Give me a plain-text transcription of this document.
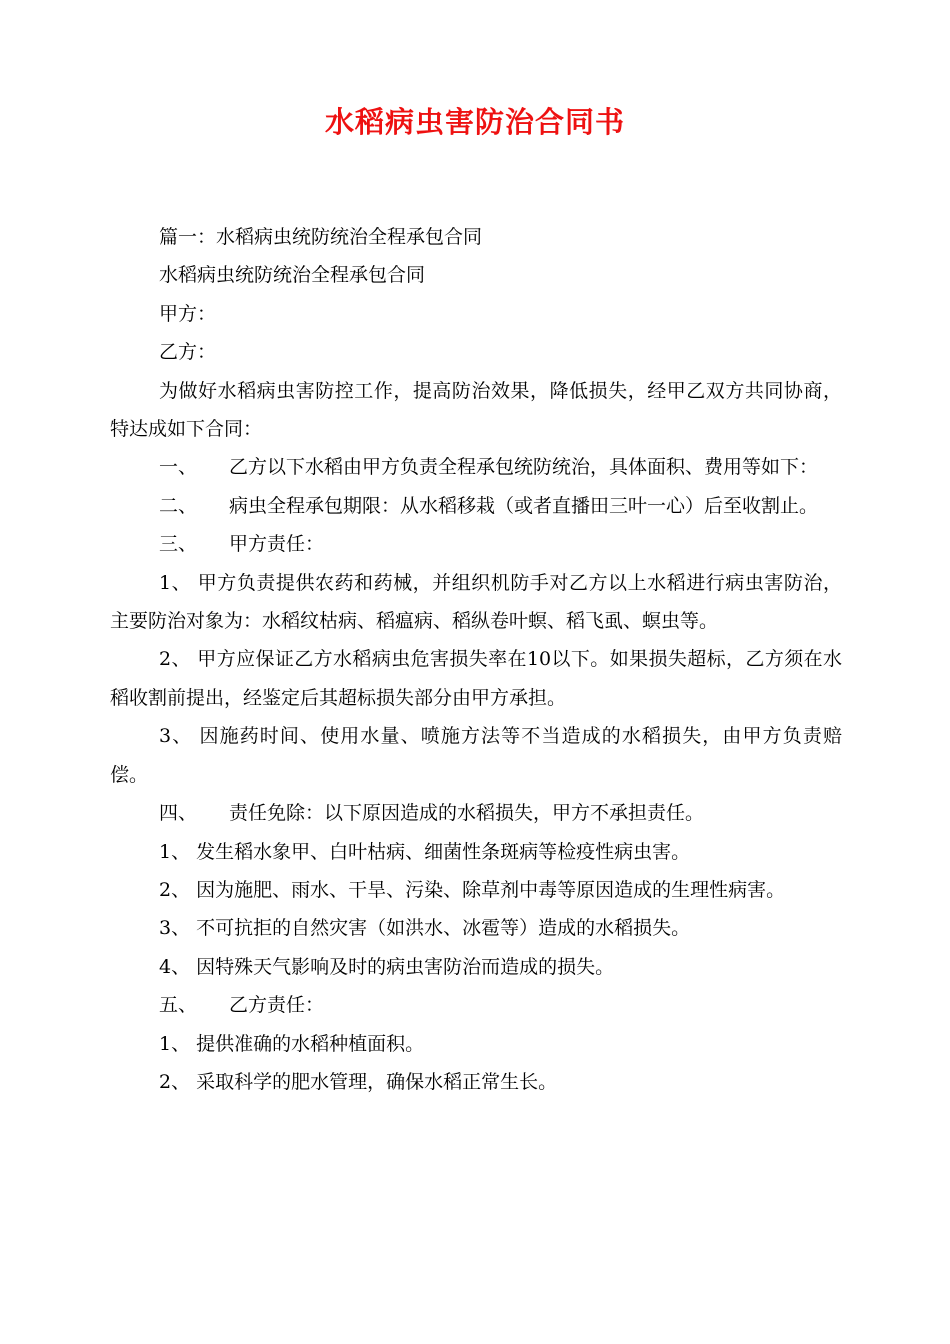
水稻病虫害防治合同书

篇一：水稻病虫统防统治全程承包合同

水稻病虫统防统治全程承包合同

甲方：

乙方：

为做好水稻病虫害防控工作，提高防治效果，降低损失，经甲乙双方共同协商，特达成如下合同：

一、 乙方以下水稻由甲方负责全程承包统防统治，具体面积、费用等如下：

二、 病虫全程承包期限：从水稻移栽（或者直播田三叶一心）后至收割止。

三、 甲方责任：

1、 甲方负责提供农药和药械，并组织机防手对乙方以上水稻进行病虫害防治，主要防治对象为：水稻纹枯病、稻瘟病、稻纵卷叶螟、稻飞虱、螟虫等。

2、 甲方应保证乙方水稻病虫危害损失率在10以下。如果损失超标，乙方须在水稻收割前提出，经鉴定后其超标损失部分由甲方承担。

3、 因施药时间、使用水量、喷施方法等不当造成的水稻损失，由甲方负责赔 偿。

四、 责任免除：以下原因造成的水稻损失，甲方不承担责任。

1、 发生稻水象甲、白叶枯病、细菌性条斑病等检疫性病虫害。

2、 因为施肥、雨水、干旱、污染、除草剂中毒等原因造成的生理性病害。

3、 不可抗拒的自然灾害（如洪水、冰雹等）造成的水稻损失。

4、 因特殊天气影响及时的病虫害防治而造成的损失。

五、 乙方责任：

1、 提供准确的水稻种植面积。

2、 采取科学的肥水管理，确保水稻正常生长。
